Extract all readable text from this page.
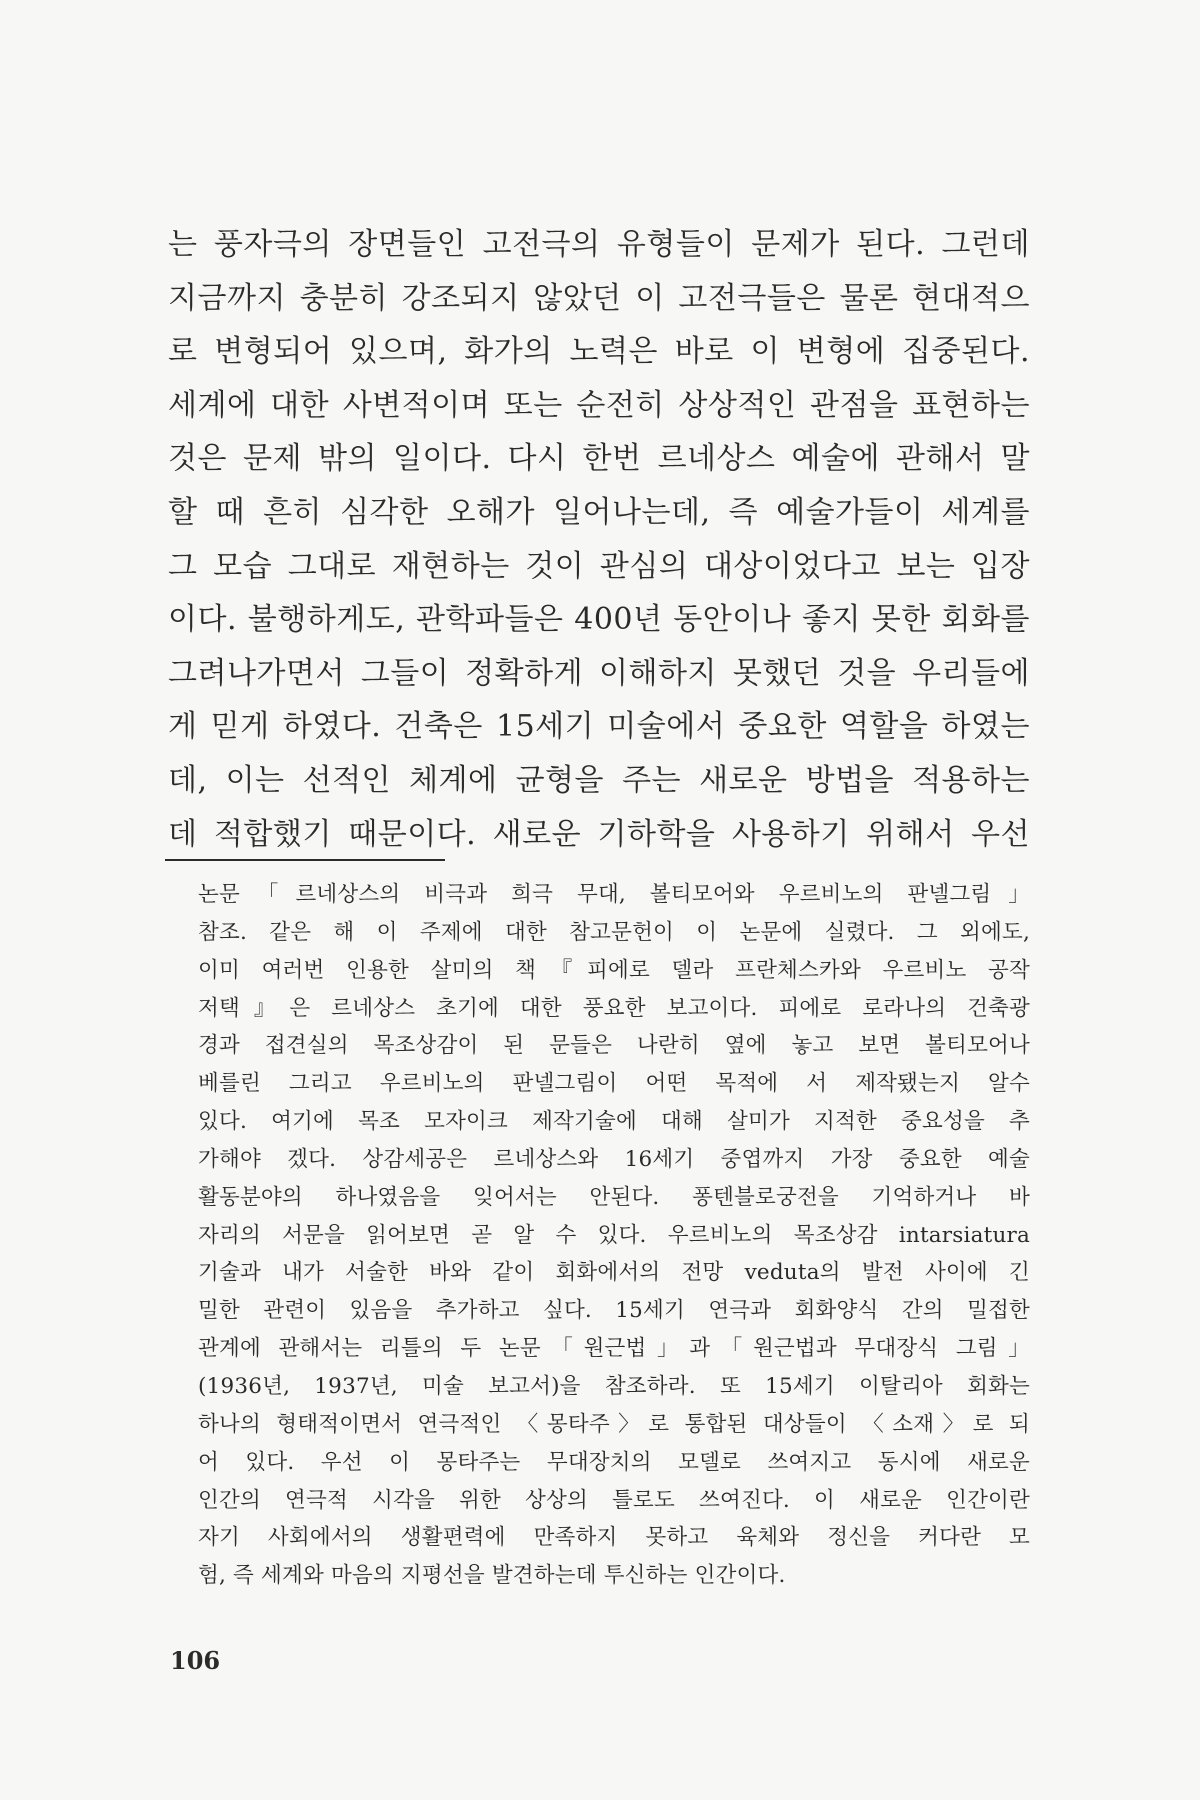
는 풍자극의 장면들인 고전극의 유형들이 문제가 된다. 그런데
지금까지 충분히 강조되지 않았던 이 고전극들은 물론 현대적으
로 변형되어 있으며, 화가의 노력은 바로 이 변형에 집중된다.
세계에 대한 사변적이며 또는 순전히 상상적인 관점을 표현하는
것은 문제 밖의 일이다. 다시 한번 르네상스 예술에 관해서 말
할 때 흔히 심각한 오해가 일어나는데, 즉 예술가들이 세계를
그 모습 그대로 재현하는 것이 관심의 대상이었다고 보는 입장
이다. 불행하게도, 관학파들은 400년 동안이나 좋지 못한 회화를
그려나가면서 그들이 정확하게 이해하지 못했던 것을 우리들에
게 믿게 하였다. 건축은 15세기 미술에서 중요한 역할을 하였는
데, 이는 선적인 체계에 균형을 주는 새로운 방법을 적용하는
데 적합했기 때문이다. 새로운 기하학을 사용하기 위해서 우선
논문「르네상스의 비극과 희극 무대, 볼티모어와 우르비노의 판넬그림」
참조. 같은 해 이 주제에 대한 참고문헌이 이 논문에 실렸다. 그 외에도,
이미 여러번 인용한 살미의 책『피에로 델라 프란체스카와 우르비노 공작
저택』은 르네상스 초기에 대한 풍요한 보고이다. 피에로 로라나의 건축광
경과 접견실의 목조상감이 된 문들은 나란히 옆에 놓고 보면 볼티모어나
베를린 그리고 우르비노의 판넬그림이 어떤 목적에 서 제작됐는지 알수
있다. 여기에 목조 모자이크 제작기술에 대해 살미가 지적한 중요성을 추
가해야 겠다. 상감세공은 르네상스와 16세기 중엽까지 가장 중요한 예술
활동분야의 하나였음을 잊어서는 안된다. 퐁텐블로궁전을 기억하거나 바
자리의 서문을 읽어보면 곧 알 수 있다. 우르비노의 목조상감 intarsiatura
기술과 내가 서술한 바와 같이 회화에서의 전망 veduta의 발전 사이에 긴
밀한 관련이 있음을 추가하고 싶다. 15세기 연극과 회화양식 간의 밀접한
관계에 관해서는 리틀의 두 논문「원근법」과「원근법과 무대장식 그림」
(1936년, 1937년, 미술 보고서)을 참조하라. 또 15세기 이탈리아 회화는
하나의 형태적이면서 연극적인 〈몽타주〉로 통합된 대상들이 〈소재〉로 되
어 있다. 우선 이 몽타주는 무대장치의 모델로 쓰여지고 동시에 새로운
인간의 연극적 시각을 위한 상상의 틀로도 쓰여진다. 이 새로운 인간이란
자기 사회에서의 생활편력에 만족하지 못하고 육체와 정신을 커다란 모
험, 즉 세계와 마음의 지평선을 발견하는데 투신하는 인간이다.
106
